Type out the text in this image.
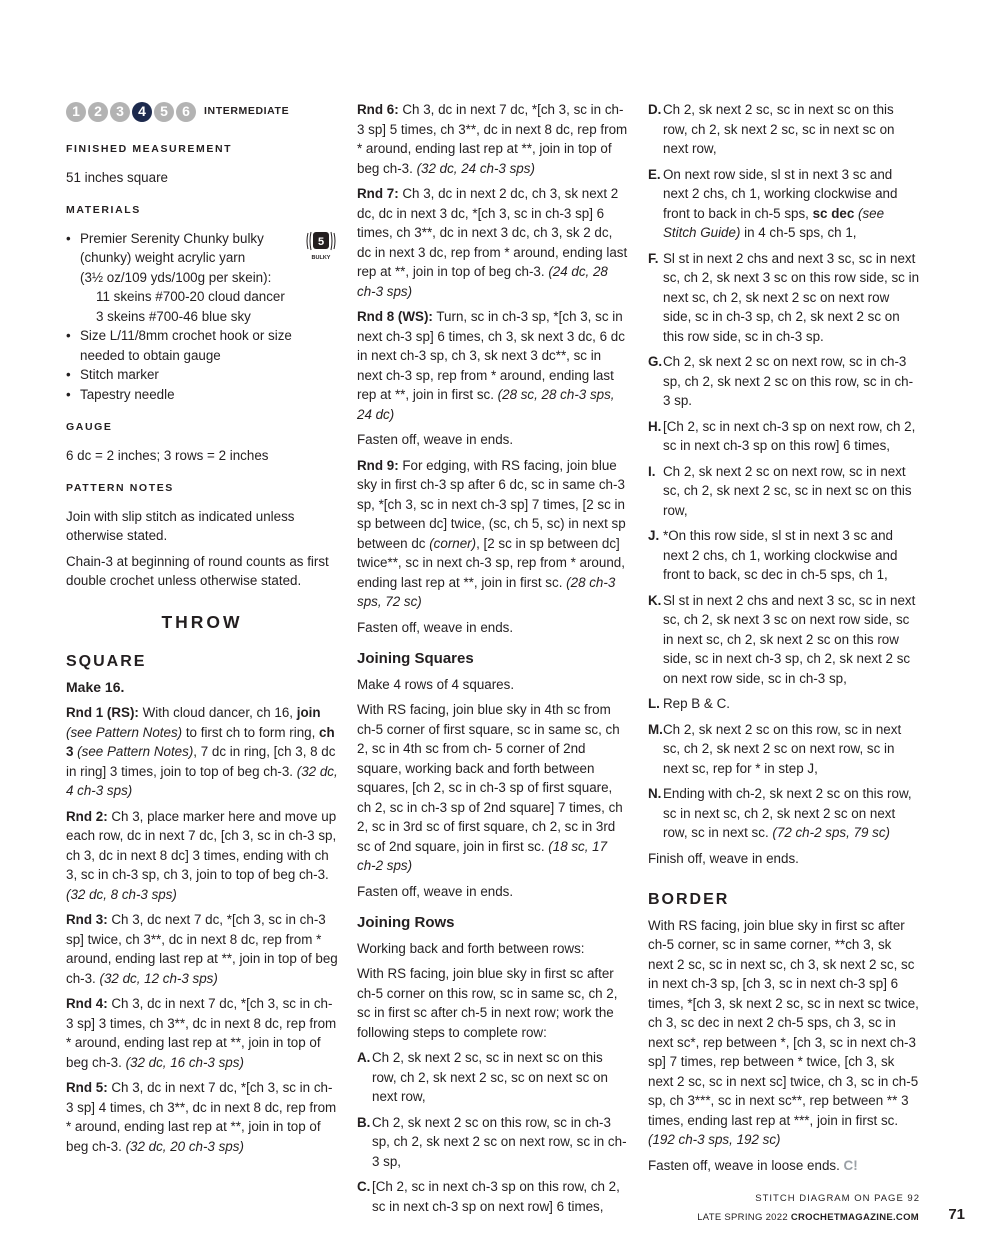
1	2	3	4	5	6	INTERMEDIATE
FINISHED MEASUREMENT

51 inches square

MATERIALS
5
BULKY
• Premier Serenity Chunky bulky
(chunky) weight acrylic yarn
(3½ oz/109 yds/100g per skein):
11 skeins #700-20 cloud dancer
3 skeins #700-46 blue sky
• Size L/11/8mm crochet hook or size needed to obtain gauge
• Stitch marker
• Tapestry needle
GAUGE

6 dc = 2 inches; 3 rows = 2 inches

PATTERN NOTES

Join with slip stitch as indicated unless otherwise stated.

Chain-3 at beginning of round counts as first double crochet unless otherwise stated.

THROW
SQUARE
Make 16.

Rnd 1 (RS): With cloud dancer, ch 16, join (see Pattern Notes) to first ch to form ring, ch 3 (see Pattern Notes), 7 dc in ring, [ch 3, 8 dc in ring] 3 times, join to top of beg ch-3. (32 dc, 4 ch-3 sps)

Rnd 2: Ch 3, place marker here and move up each row, dc in next 7 dc, [ch 3, sc in ch-3 sp, ch 3, dc in next 8 dc] 3 times, ending with ch 3, sc in ch-3 sp, ch 3, join to top of beg ch-3. (32 dc, 8 ch-3 sps)

Rnd 3: Ch 3, dc next 7 dc, *[ch 3, sc in ch-3 sp] twice, ch 3**, dc in next 8 dc, rep from * around, ending last rep at **, join in top of beg ch-3. (32 dc, 12 ch-3 sps)

Rnd 4: Ch 3, dc in next 7 dc, *[ch 3, sc in ch-3 sp] 3 times, ch 3**, dc in next 8 dc, rep from * around, ending last rep at **, join in top of beg ch-3. (32 dc, 16 ch-3 sps)

Rnd 5: Ch 3, dc in next 7 dc, *[ch 3, sc in ch-3 sp] 4 times, ch 3**, dc in next 8 dc, rep from * around, ending last rep at **, join in top of beg ch-3. (32 dc, 20 ch-3 sps)

Rnd 6: Ch 3, dc in next 7 dc, *[ch 3, sc in ch-3 sp] 5 times, ch 3**, dc in next 8 dc, rep from * around, ending last rep at **, join in top of beg ch-3. (32 dc, 24 ch-3 sps)

Rnd 7: Ch 3, dc in next 2 dc, ch 3, sk next 2 dc, dc in next 3 dc, *[ch 3, sc in ch-3 sp] 6 times, ch 3**, dc in next 3 dc, ch 3, sk 2 dc, dc in next 3 dc, rep from * around, ending last rep at **, join in top of beg ch-3. (24 dc, 28 ch-3 sps)

Rnd 8 (WS): Turn, sc in ch-3 sp, *[ch 3, sc in next ch-3 sp] 6 times, ch 3, sk next 3 dc, 6 dc in next ch-3 sp, ch 3, sk next 3 dc**, sc in next ch-3 sp, rep from * around, ending last rep at **, join in first sc. (28 sc, 28 ch-3 sps, 24 dc)

Fasten off, weave in ends.

Rnd 9: For edging, with RS facing, join blue sky in first ch-3 sp after 6 dc, sc in same ch-3 sp, *[ch 3, sc in next ch-3 sp] 7 times, [2 sc in sp between dc] twice, (sc, ch 5, sc) in next sp between dc (corner), [2 sc in sp between dc] twice**, sc in next ch-3 sp, rep from * around, ending last rep at **, join in first sc. (28 ch-3 sps, 72 sc)

Fasten off, weave in ends.

Joining Squares

Make 4 rows of 4 squares.

With RS facing, join blue sky in 4th sc from ch-5 corner of first square, sc in same sc, ch 2, sc in 4th sc from ch- 5 corner of 2nd square, working back and forth between squares, [ch 2, sc in ch-3 sp of first square, ch 2, sc in ch-3 sp of 2nd square] 7 times, ch 2, sc in 3rd sc of first square, ch 2, sc in 3rd sc of 2nd square, join in first sc. (18 sc, 17 ch-2 sps)

Fasten off, weave in ends.

Joining Rows

Working back and forth between rows:

With RS facing, join blue sky in first sc after ch-5 corner on this row, sc in same sc, ch 2, sc in first sc after ch-5 in next row; work the following steps to complete row:

A. Ch 2, sk next 2 sc, sc in next sc on this row, ch 2, sk next 2 sc, sc on next sc on next row,
B. Ch 2, sk next 2 sc on this row, sc in ch-3 sp, ch 2, sk next 2 sc on next row, sc in ch-3 sp,
C. [Ch 2, sc in next ch-3 sp on this row, ch 2, sc in next ch-3 sp on next row] 6 times,
D. Ch 2, sk next 2 sc, sc in next sc on this row, ch 2, sk next 2 sc, sc in next sc on next row,
E. On next row side, sl st in next 3 sc and next 2 chs, ch 1, working clockwise and front to back in ch-5 sps, sc dec (see Stitch Guide) in 4 ch-5 sps, ch 1,
F. Sl st in next 2 chs and next 3 sc, sc in next sc, ch 2, sk next 3 sc on this row side, sc in next sc, ch 2, sk next 2 sc on next row side, sc in ch-3 sp, ch 2, sk next 2 sc on this row side, sc in ch-3 sp.
G. Ch 2, sk next 2 sc on next row, sc in ch-3 sp, ch 2, sk next 2 sc on this row, sc in ch- 3 sp.
H. [Ch 2, sc in next ch-3 sp on next row, ch 2, sc in next ch-3 sp on this row] 6 times,
I. Ch 2, sk next 2 sc on next row, sc in next sc, ch 2, sk next 2 sc, sc in next sc on this row,
J. *On this row side, sl st in next 3 sc and next 2 chs, ch 1, working clockwise and front to back, sc dec in ch-5 sps, ch 1,
K. Sl st in next 2 chs and next 3 sc, sc in next sc, ch 2, sk next 3 sc on next row side, sc in next sc, ch 2, sk next 2 sc on this row side, sc in next ch-3 sp, ch 2, sk next 2 sc on next row side, sc in ch-3 sp,
L. Rep B & C.
M. Ch 2, sk next 2 sc on this row, sc in next sc, ch 2, sk next 2 sc on next row, sc in next sc, rep for * in step J,
N. Ending with ch-2, sk next 2 sc on this row, sc in next sc, ch 2, sk next 2 sc on next row, sc in next sc. (72 ch-2 sps, 79 sc)

Finish off, weave in ends.

BORDER

With RS facing, join blue sky in first sc after ch-5 corner, sc in same corner, **ch 3, sk next 2 sc, sc in next sc, ch 3, sk next 2 sc, sc in next ch-3 sp, [ch 3, sc in next ch-3 sp] 6 times, *[ch 3, sk next 2 sc, sc in next sc twice, ch 3, sc dec in next 2 ch-5 sps, ch 3, sc in next sc*, rep between *, [ch 3, sc in next ch-3 sp] 7 times, rep between * twice, [ch 3, sk next 2 sc, sc in next sc] twice, ch 3, sc in ch-5 sp, ch 3***, sc in next sc**, rep between ** 3 times, ending last rep at ***, join in first sc. (192 ch-3 sps, 192 sc)

Fasten off, weave in loose ends. C!

STITCH DIAGRAM ON PAGE 92
LATE SPRING 2022 CROCHETMAGAZINE.COM 71
